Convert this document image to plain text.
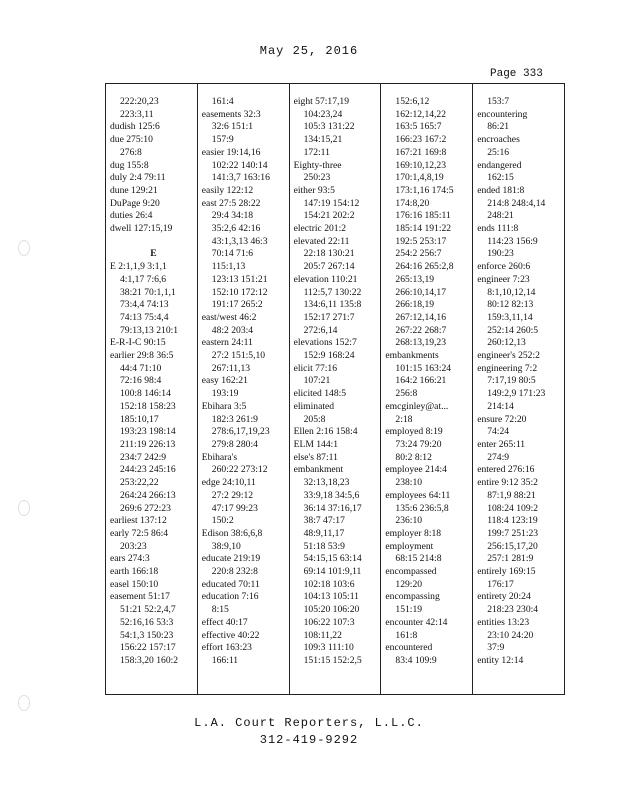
May 25, 2016
Page 333
222:20,23
223:3,11
dudish 125:6
due 275:10
276:8
dug 155:8
duly 2:4 79:11
dune 129:21
DuPage 9:20
duties 26:4
dwell 127:15,19

E
E 2:1,1,9 3:1,1
4:1,17 7:6,6
38:21 70:1,1,1
73:4,4 74:13
74:13 75:4,4
79:13,13 210:1
E-R-I-C 90:15
earlier 29:8 36:5
44:4 71:10
72:16 98:4
100:8 146:14
152:18 158:23
185:10,17
193:23 198:14
211:19 226:13
234:7 242:9
244:23 245:16
253:22,22
264:24 266:13
269:6 272:23
earliest 137:12
early 72:5 86:4
203:23
ears 274:3
earth 166:18
easel 150:10
easement 51:17
51:21 52:2,4,7
52:16,16 53:3
54:1,3 150:23
156:22 157:17
158:3,20 160:2
161:4
easements 32:3
32:6 151:1
157:9
easier 19:14,16
102:22 140:14
141:3,7 163:16
easily 122:12
east 27:5 28:22
29:4 34:18
35:2,6 42:16
43:1,3,13 46:3
70:14 71:6
115:1,13
123:13 151:21
152:10 172:12
191:17 265:2
east/west 46:2
48:2 203:4
eastern 24:11
27:2 151:5,10
267:11,13
easy 162:21
193:19
Ebihara 3:5
182:3 261:9
278:6,17,19,23
279:8 280:4
Ebihara's
260:22 273:12
edge 24:10,11
27:2 29:12
47:17 99:23
150:2
Edison 38:6,6,8
38:9,10
educate 219:19
220:8 232:8
educated 70:11
education 7:16
8:15
effect 40:17
effective 40:22
effort 163:23
166:11
eight 57:17,19
104:23,24
105:3 131:22
134:15,21
172:11
Eighty-three
250:23
either 93:5
147:19 154:12
154:21 202:2
electric 201:2
elevated 22:11
22:18 130:21
205:7 267:14
elevation 110:21
112:5,7 130:22
134:6,11 135:8
152:17 271:7
272:6,14
elevations 152:7
152:9 168:24
elicit 77:16
107:21
elicited 148:5
eliminated
205:8
Ellen 2:16 158:4
ELM 144:1
else's 87:11
embankment
32:13,18,23
33:9,18 34:5,6
36:14 37:16,17
38:7 47:17
48:9,11,17
51:18 53:9
54:15,15 63:14
69:14 101:9,11
102:18 103:6
104:13 105:11
105:20 106:20
106:22 107:3
108:11,22
109:3 111:10
151:15 152:2,5
152:6,12
162:12,14,22
163:5 165:7
166:23 167:2
167:21 169:8
169:10,12,23
170:1,4,8,19
173:1,16 174:5
174:8,20
176:16 185:11
185:14 191:22
192:5 253:17
254:2 256:7
264:16 265:2,8
265:13,19
266:10,14,17
266:18,19
267:12,14,16
267:22 268:7
268:13,19,23
embankments
101:15 163:24
164:2 166:21
256:8
emcginley@at...
2:18
employed 8:19
73:24 79:20
80:2 8:12
employee 214:4
238:10
employees 64:11
135:6 236:5,8
236:10
employer 8:18
employment
68:15 214:8
encompassed
129:20
encompassing
151:19
encounter 42:14
161:8
encountered
83:4 109:9
153:7
encountering
86:21
encroaches
25:16
endangered
162:15
ended 181:8
214:8 248:4,14
248:21
ends 111:8
114:23 156:9
190:23
enforce 260:6
engineer 7:23
8:1,10,12,14
80:12 82:13
159:3,11,14
252:14 260:5
260:12,13
engineer's 252:2
engineering 7:2
7:17,19 80:5
149:2,9 171:23
214:14
ensure 72:20
74:24
enter 265:11
274:9
entered 276:16
entire 9:12 35:2
87:1,9 88:21
108:24 109:2
118:4 123:19
199:7 251:23
256:15,17,20
257:1 281:9
entirely 169:15
176:17
entirety 20:24
218:23 230:4
entities 13:23
23:10 24:20
37:9
entity 12:14
L.A. Court Reporters, L.L.C.
312-419-9292
